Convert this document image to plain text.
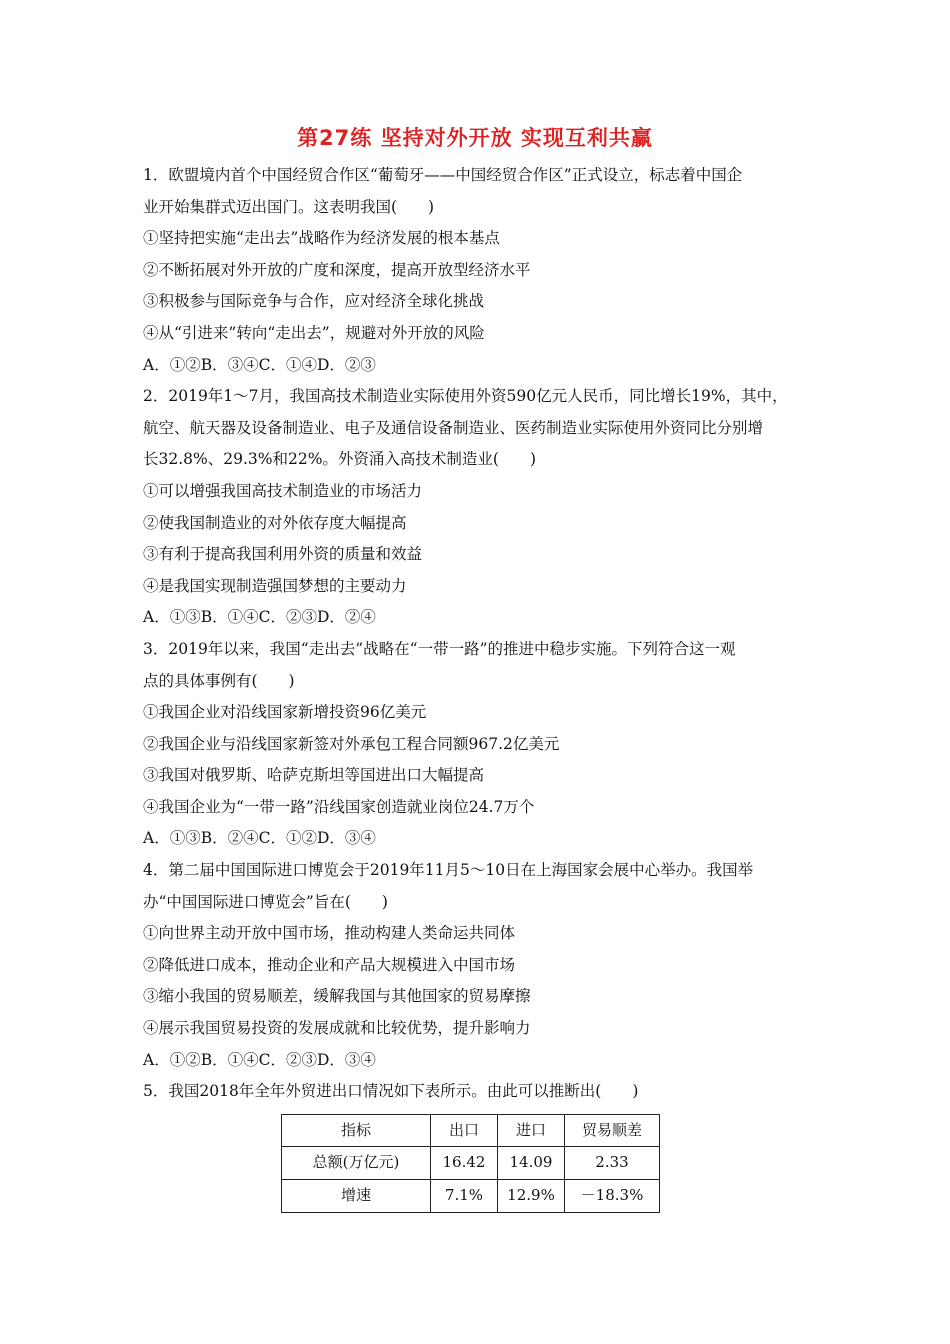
第27练 坚持对外开放 实现互利共赢

1．欧盟境内首个中国经贸合作区“葡萄牙——中国经贸合作区”正式设立，标志着中国企

业开始集群式迈出国门。这表明我国(　　)

①坚持把实施“走出去”战略作为经济发展的根本基点

②不断拓展对外开放的广度和深度，提高开放型经济水平

③积极参与国际竞争与合作，应对经济全球化挑战

④从“引进来”转向“走出去”，规避对外开放的风险

A．①②B．③④C．①④D．②③

2．2019年1～7月，我国高技术制造业实际使用外资590亿元人民币，同比增长19%，其中，

航空、航天器及设备制造业、电子及通信设备制造业、医药制造业实际使用外资同比分别增

长32.8%、29.3%和22%。外资涌入高技术制造业(　　)

①可以增强我国高技术制造业的市场活力

②使我国制造业的对外依存度大幅提高

③有利于提高我国利用外资的质量和效益

④是我国实现制造强国梦想的主要动力

A．①③B．①④C．②③D．②④

3．2019年以来，我国“走出去”战略在“一带一路”的推进中稳步实施。下列符合这一观

点的具体事例有(　　)

①我国企业对沿线国家新增投资96亿美元

②我国企业与沿线国家新签对外承包工程合同额967.2亿美元

③我国对俄罗斯、哈萨克斯坦等国进出口大幅提高

④我国企业为“一带一路”沿线国家创造就业岗位24.7万个

A．①③B．②④C．①②D．③④

4．第二届中国国际进口博览会于2019年11月5～10日在上海国家会展中心举办。我国举

办“中国国际进口博览会”旨在(　　)

①向世界主动开放中国市场，推动构建人类命运共同体

②降低进口成本，推动企业和产品大规模进入中国市场

③缩小我国的贸易顺差，缓解我国与其他国家的贸易摩擦

④展示我国贸易投资的发展成就和比较优势，提升影响力

A．①②B．①④C．②③D．③④

5．我国2018年全年外贸进出口情况如下表所示。由此可以推断出(　　)

指标	出口	进口	贸易顺差
总额(万亿元)	16.42	14.09	2.33
增速	7.1%	12.9%	－18.3%
